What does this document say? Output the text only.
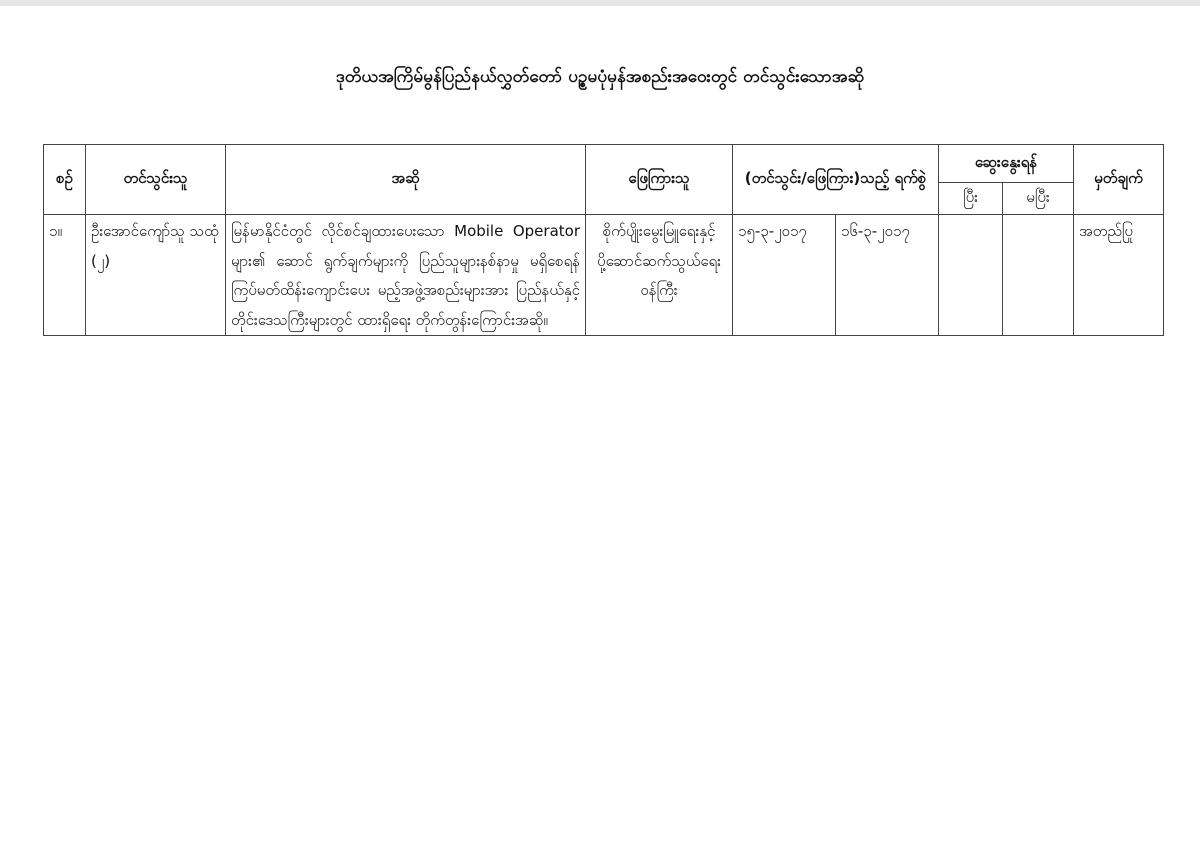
ဒုတိယအကြိမ်မွန်ပြည်နယ်လွှတ်တော် ပဥ္စမပုံမှန်အစည်းအဝေးတွင် တင်သွင်းသောအဆို
စဉ်	တင်သွင်းသူ	အဆို	ဖြေကြားသူ	(တင်သွင်း/ဖြေကြား)သည့် ရက်စွဲ		ဆွေးနွေးရန်		မှတ်ချက်
						ပြီး	မပြီး	
၁။	ဦးအောင်ကျော်သူ သထုံ (၂)	မြန်မာနိုင်ငံတွင် လိုင်စင်ချထားပေးသော Mobile Operator များ၏ ဆောင် ရွက်ချက်များကို ပြည်သူများနစ်နာမှု မရှိစေရန် ကြပ်မတ်ထိန်းကျောင်းပေး မည့်အဖွဲ့အစည်းများအား ပြည်နယ်နှင့် တိုင်းဒေသကြီးများတွင် ထားရှိရေး တိုက်တွန်းကြောင်းအဆို။	စိုက်ပျိုးမွေးမြူရေးနှင့် ပို့ဆောင်ဆက်သွယ်ရေး ဝန်ကြီး	၁၅-၃-၂၀၁၇	၁၆-၃-၂၀၁၇			အတည်ပြု
